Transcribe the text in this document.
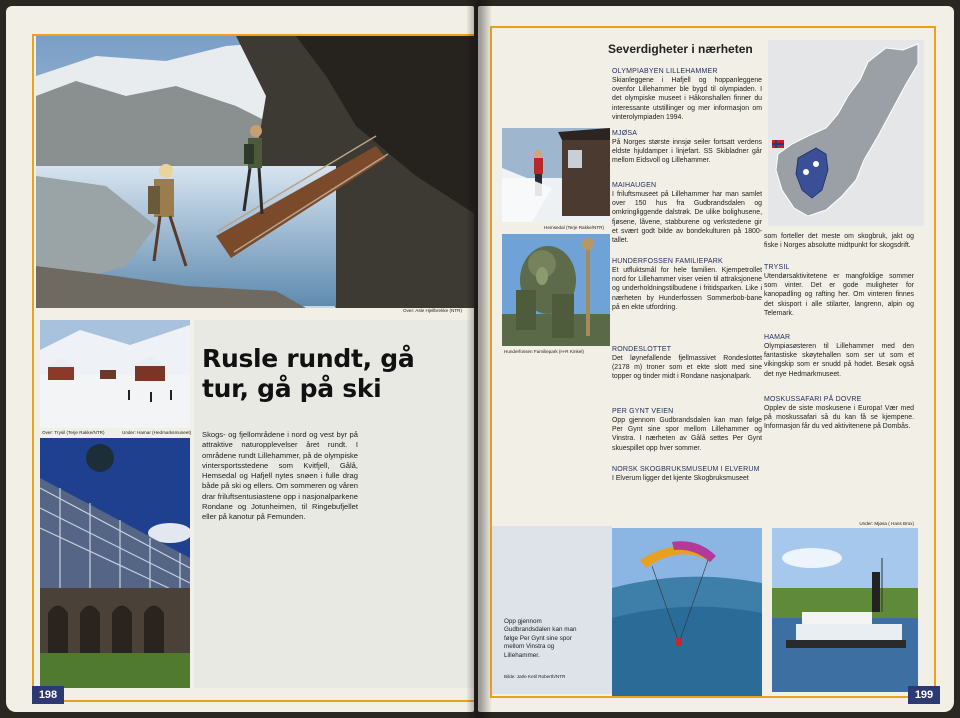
Over: Asle Hjellbrekke (NTR)
Over: Trysil (Terje Rakke/NTR)	Under: Hamar (Hedmarksmuseet)
Rusle rundt, gå tur, gå på ski
Skogs- og fjellområdene i nord og vest byr på attraktive naturopplevelser året rundt. I områdene rundt Lillehammer, på de olympiske vintersportsstedene som Kvitfjell, Gålå, Hemsedal og Hafjell nytes snøen i fulle drag både på ski og ellers. Om sommeren og våren drar friluftsentusiastene opp i nasjonalparkene Rondane og Jotunheimen, til Ringebufjellet eller på kanotur på Femunden.
198
Severdigheter i nærheten
Hemsedal (Terje Rakke/NTR)
Hunderfossen Familiepark (H-R Kinkel)
OLYMPIABYEN LILLEHAMMER

Skianleggene i Hafjell og hoppanleggene ovenfor Lillehammer ble bygd til olympiaden. I det olympiske museet i Håkonshallen finner du interessante utstillinger og mer informasjon om vinterolympiaden 1994.

MJØSA

På Norges største innsjø seiler fortsatt verdens eldste hjuldamper i linjefart. SS Skibladner går mellom Eidsvoll og Lillehammer.

MAIHAUGEN

I friluftsmuseet på Lillehammer har man samlet over 150 hus fra Gudbrandsdalen og omkringliggende dalstrøk. De ulike bolighusene, fjøsene, låvene, stabburene og verkstedene gir et svært godt bilde av bondekulturen på 1800-tallet.

HUNDERFOSSEN FAMILIEPARK

Et utfluktsmål for hele familien. Kjempetrollet nord for Lillehammer viser veien til attraksjonene og underholdningstilbudene i fritidsparken. Like i nærheten by Hunderfossen Sommerbob-bane på en ekte utfordring.

RONDESLOTTET

Det løynefallende fjellmassivet Rondeslottet (2178 m) troner som et ekte slott med sine topper og tinder midt i Rondane nasjonalpark.

PER GYNT VEIEN

Opp gjennom Gudbrandsdalen kan man følge Per Gynt sine spor mellom Lillehammer og Vinstra. I nærheten av Gålå settes Per Gynt skuespillet opp hver sommer.

NORSK SKOGBRUKSMUSEUM I ELVERUM

I Elverum ligger det kjente Skogbruksmuseet

som forteller det meste om skogbruk, jakt og fiske i Norges absolutte midtpunkt for skogsdrift.

TRYSIL

Utendørsaktivitetene er mangfoldige sommer som vinter. Det er gode muligheter for kanopadling og rafting her. Om vinteren finnes det skisport i alle stilarter, langrenn, alpin og Telemark.

HAMAR

Olympiasøsteren til Lillehammer med den fantastiske skøytehallen som ser ut som et vikingskip som er snudd på hodet. Besøk også det nye Hedmarkmuseet.

MOSKUSSAFARI PÅ DOVRE

Opplev de siste moskusene i Europa! Vær med på moskussafari så du kan få se kjempene. Informasjon får du ved aktivitenene på Dombås.

Opp gjennom Gudbrandsdalen kan man følge Per Gynt sine spor mellom Vinstra og Lillehammer.
Bilde: Jarle Ketil Roberth/NTR
Under: Mjøsa ( Hans Brox)
199
